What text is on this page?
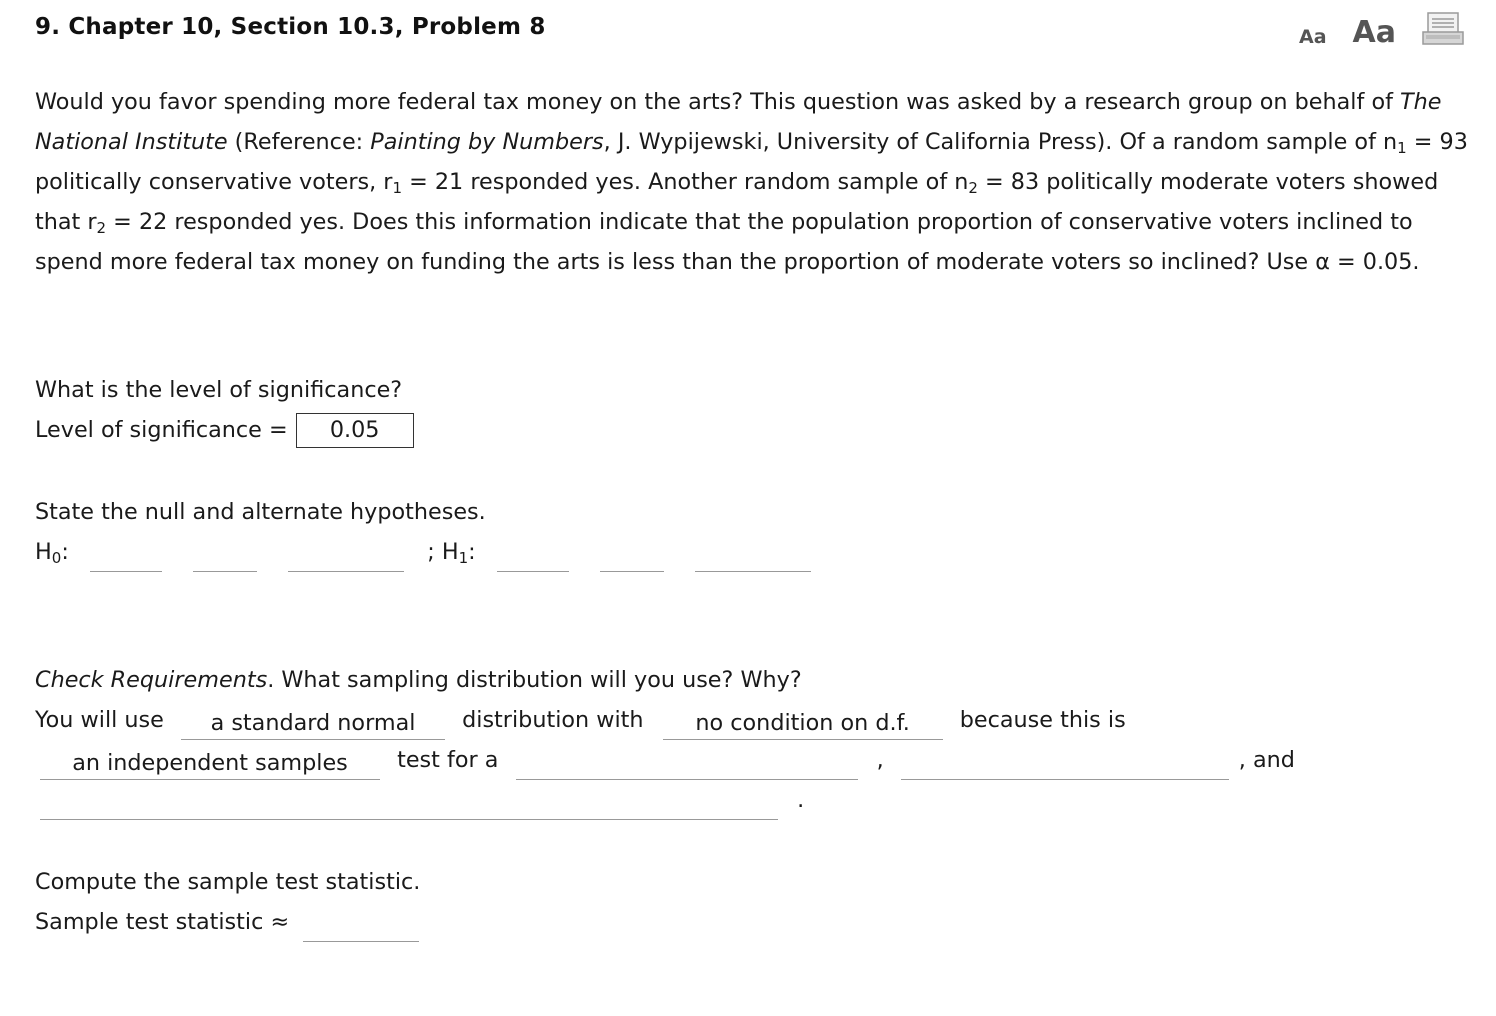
9. Chapter 10, Section 10.3, Problem 8	Aa Aa
Would you favor spending more federal tax money on the arts? This question was asked by a research group on behalf of The National Institute (Reference: Painting by Numbers, J. Wypijewski, University of California Press). Of a random sample of $n_1 = 93$ politically conservative voters, $r_1 = 21$ responded yes. Another random sample of $n_2 = 83$ politically moderate voters showed that $r_2 = 22$ responded yes. Does this information indicate that the population proportion of conservative voters inclined to spend more federal tax money on funding the arts is less than the proportion of moderate voters so inclined? Use α = 0.05.
What is the level of significance?
Level of significance = 0.05
State the null and alternate hypotheses.
$H_0$:	; $H_1$:
Check Requirements. What sampling distribution will you use? Why?
You will use a standard normal distribution with no condition on d.f. because this is
an independent samples test for a	,	, and
.
Compute the sample test statistic.
Sample test statistic ≈
